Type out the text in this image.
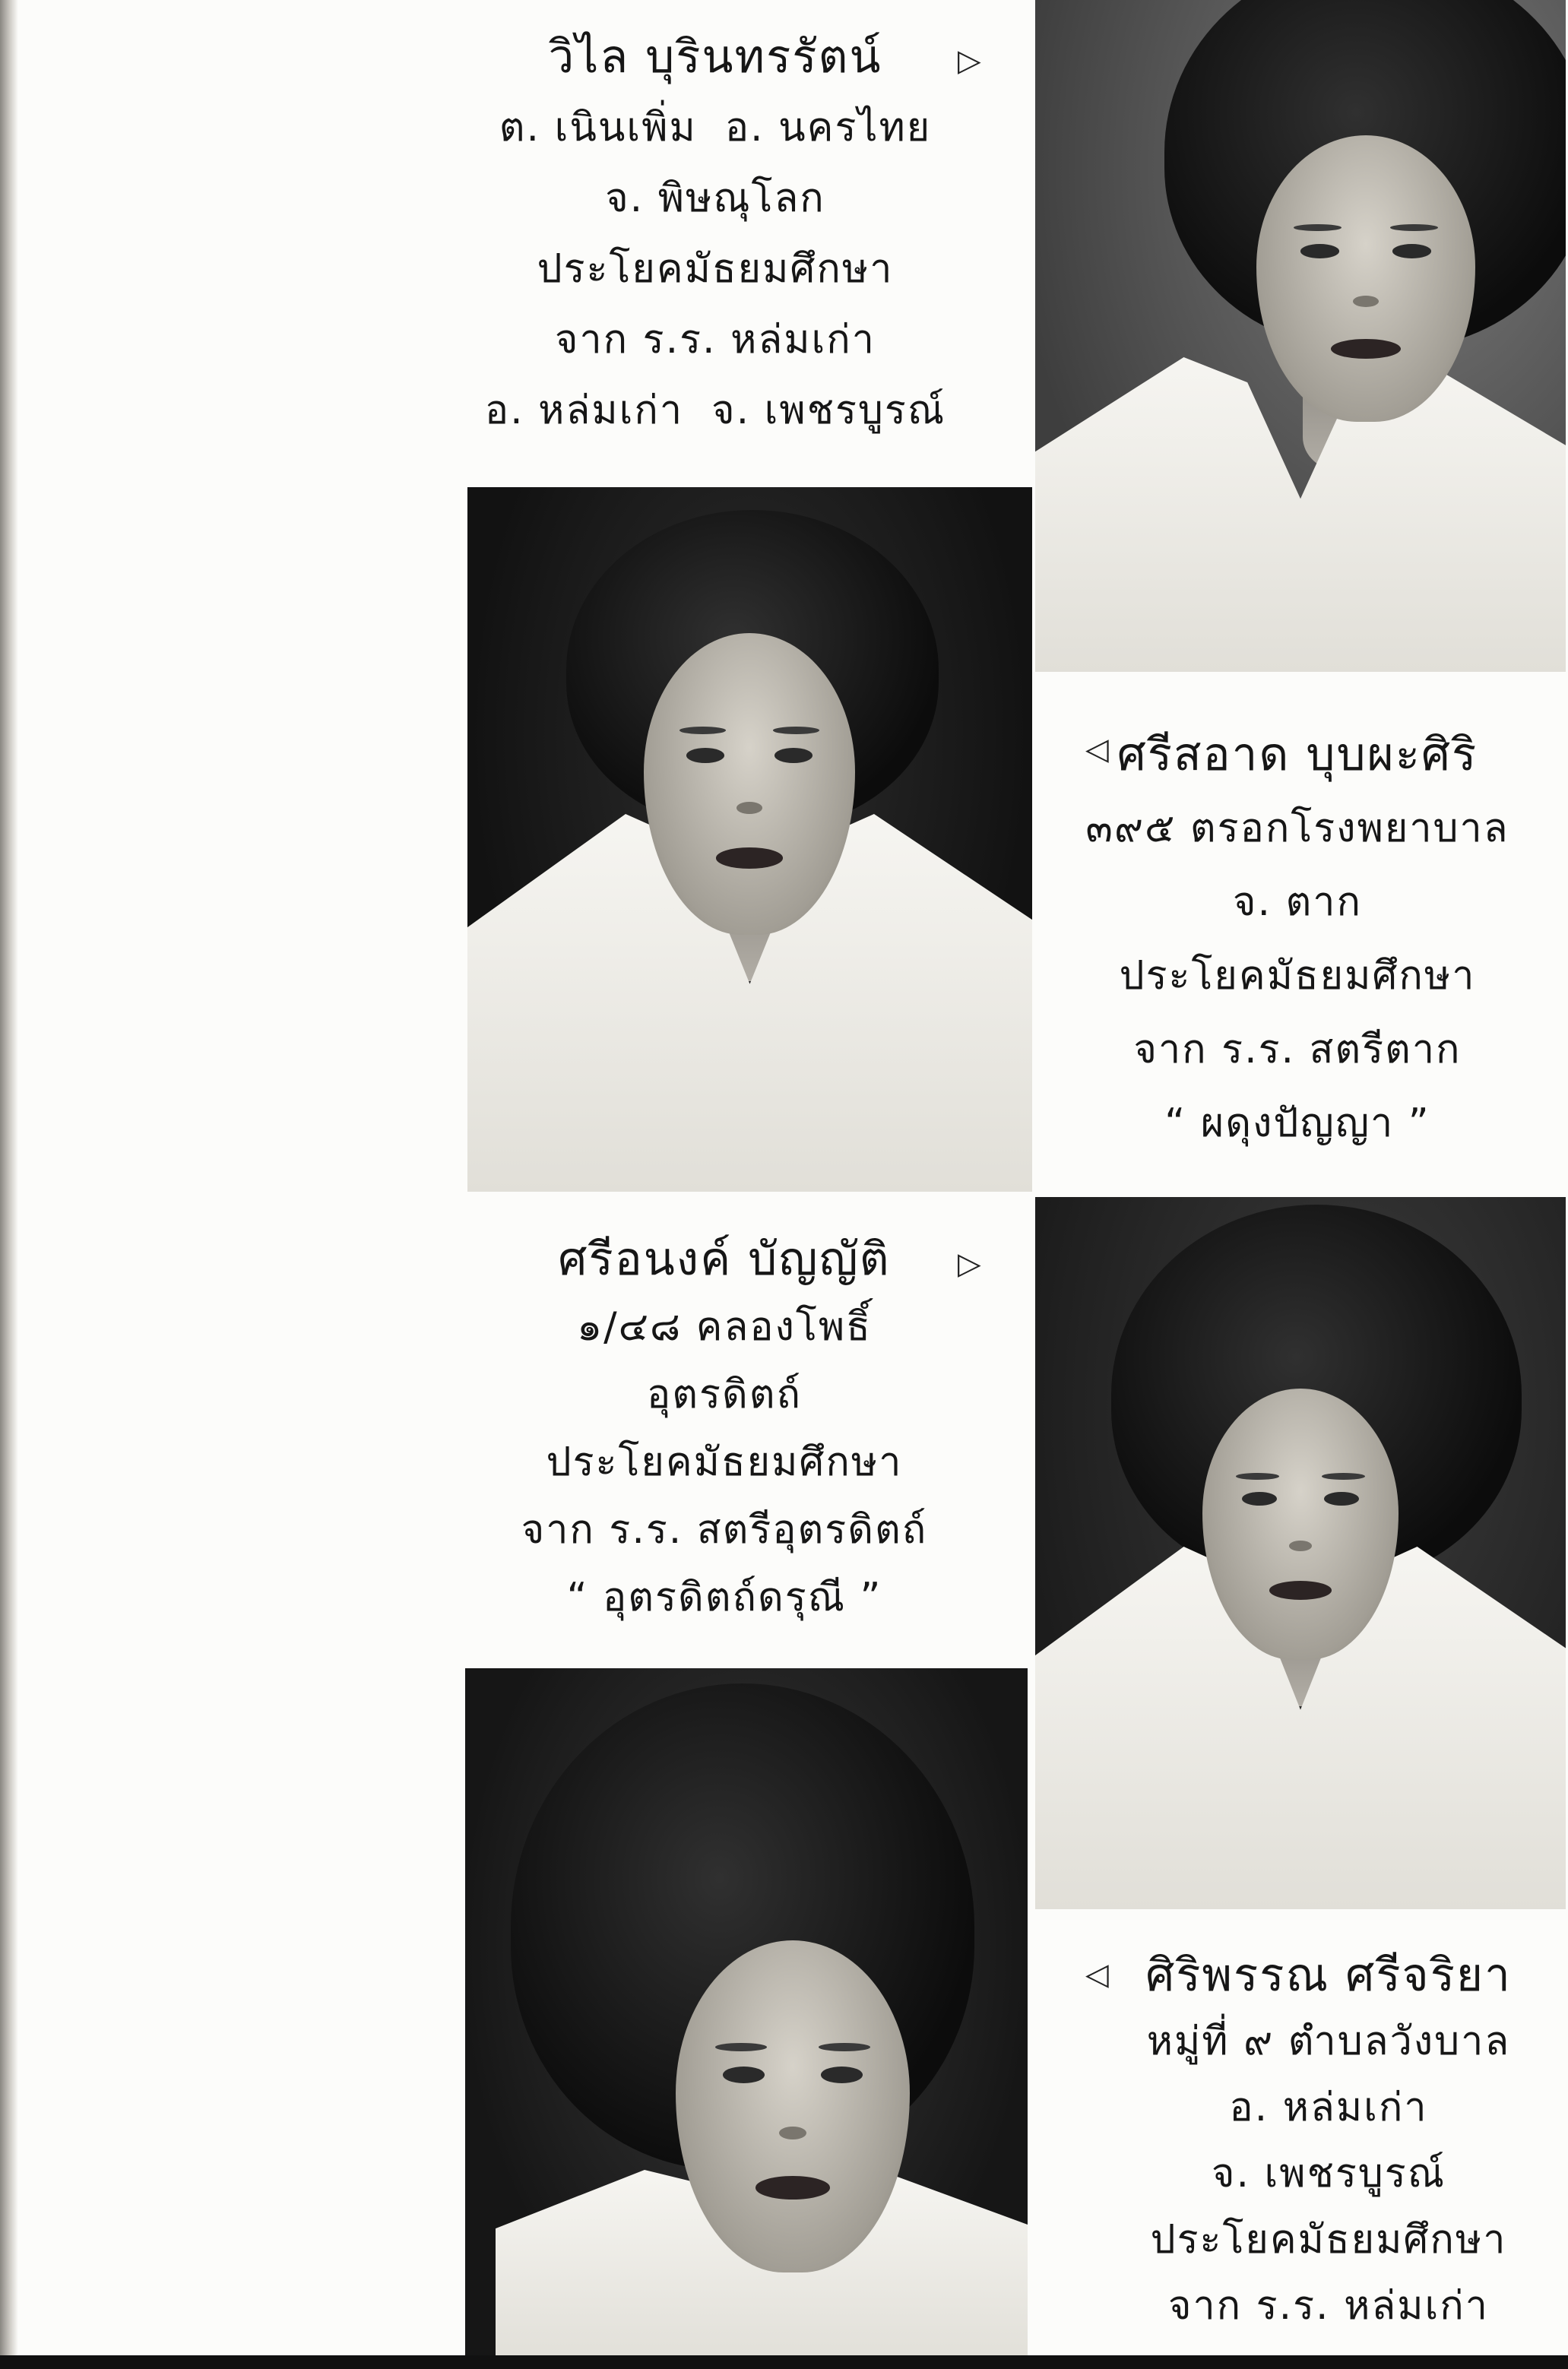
วิไล บุรินทรรัตน์
ต. เนินเพิ่ม  อ. นครไทย
จ. พิษณุโลก
ประโยคมัธยมศึกษา
จาก ร.ร. หล่มเก่า
อ. หล่มเก่า  จ. เพชรบูรณ์
▷
◁ ศรีสอาด บุบผะศิริ
๓๙๕ ตรอกโรงพยาบาล
จ. ตาก
ประโยคมัธยมศึกษา
จาก ร.ร. สตรีตาก
“ ผดุงปัญญา ”
ศรีอนงค์ บัญญัติ
๑/๔๘ คลองโพธิ์
อุตรดิตถ์
ประโยคมัธยมศึกษา
จาก ร.ร. สตรีอุตรดิตถ์
“ อุตรดิตถ์ดรุณี ”
▷
◁ ศิริพรรณ ศรีจริยา
หมู่ที่ ๙ ตำบลวังบาล
อ. หล่มเก่า
จ. เพชรบูรณ์
ประโยคมัธยมศึกษา
จาก ร.ร. หล่มเก่า
